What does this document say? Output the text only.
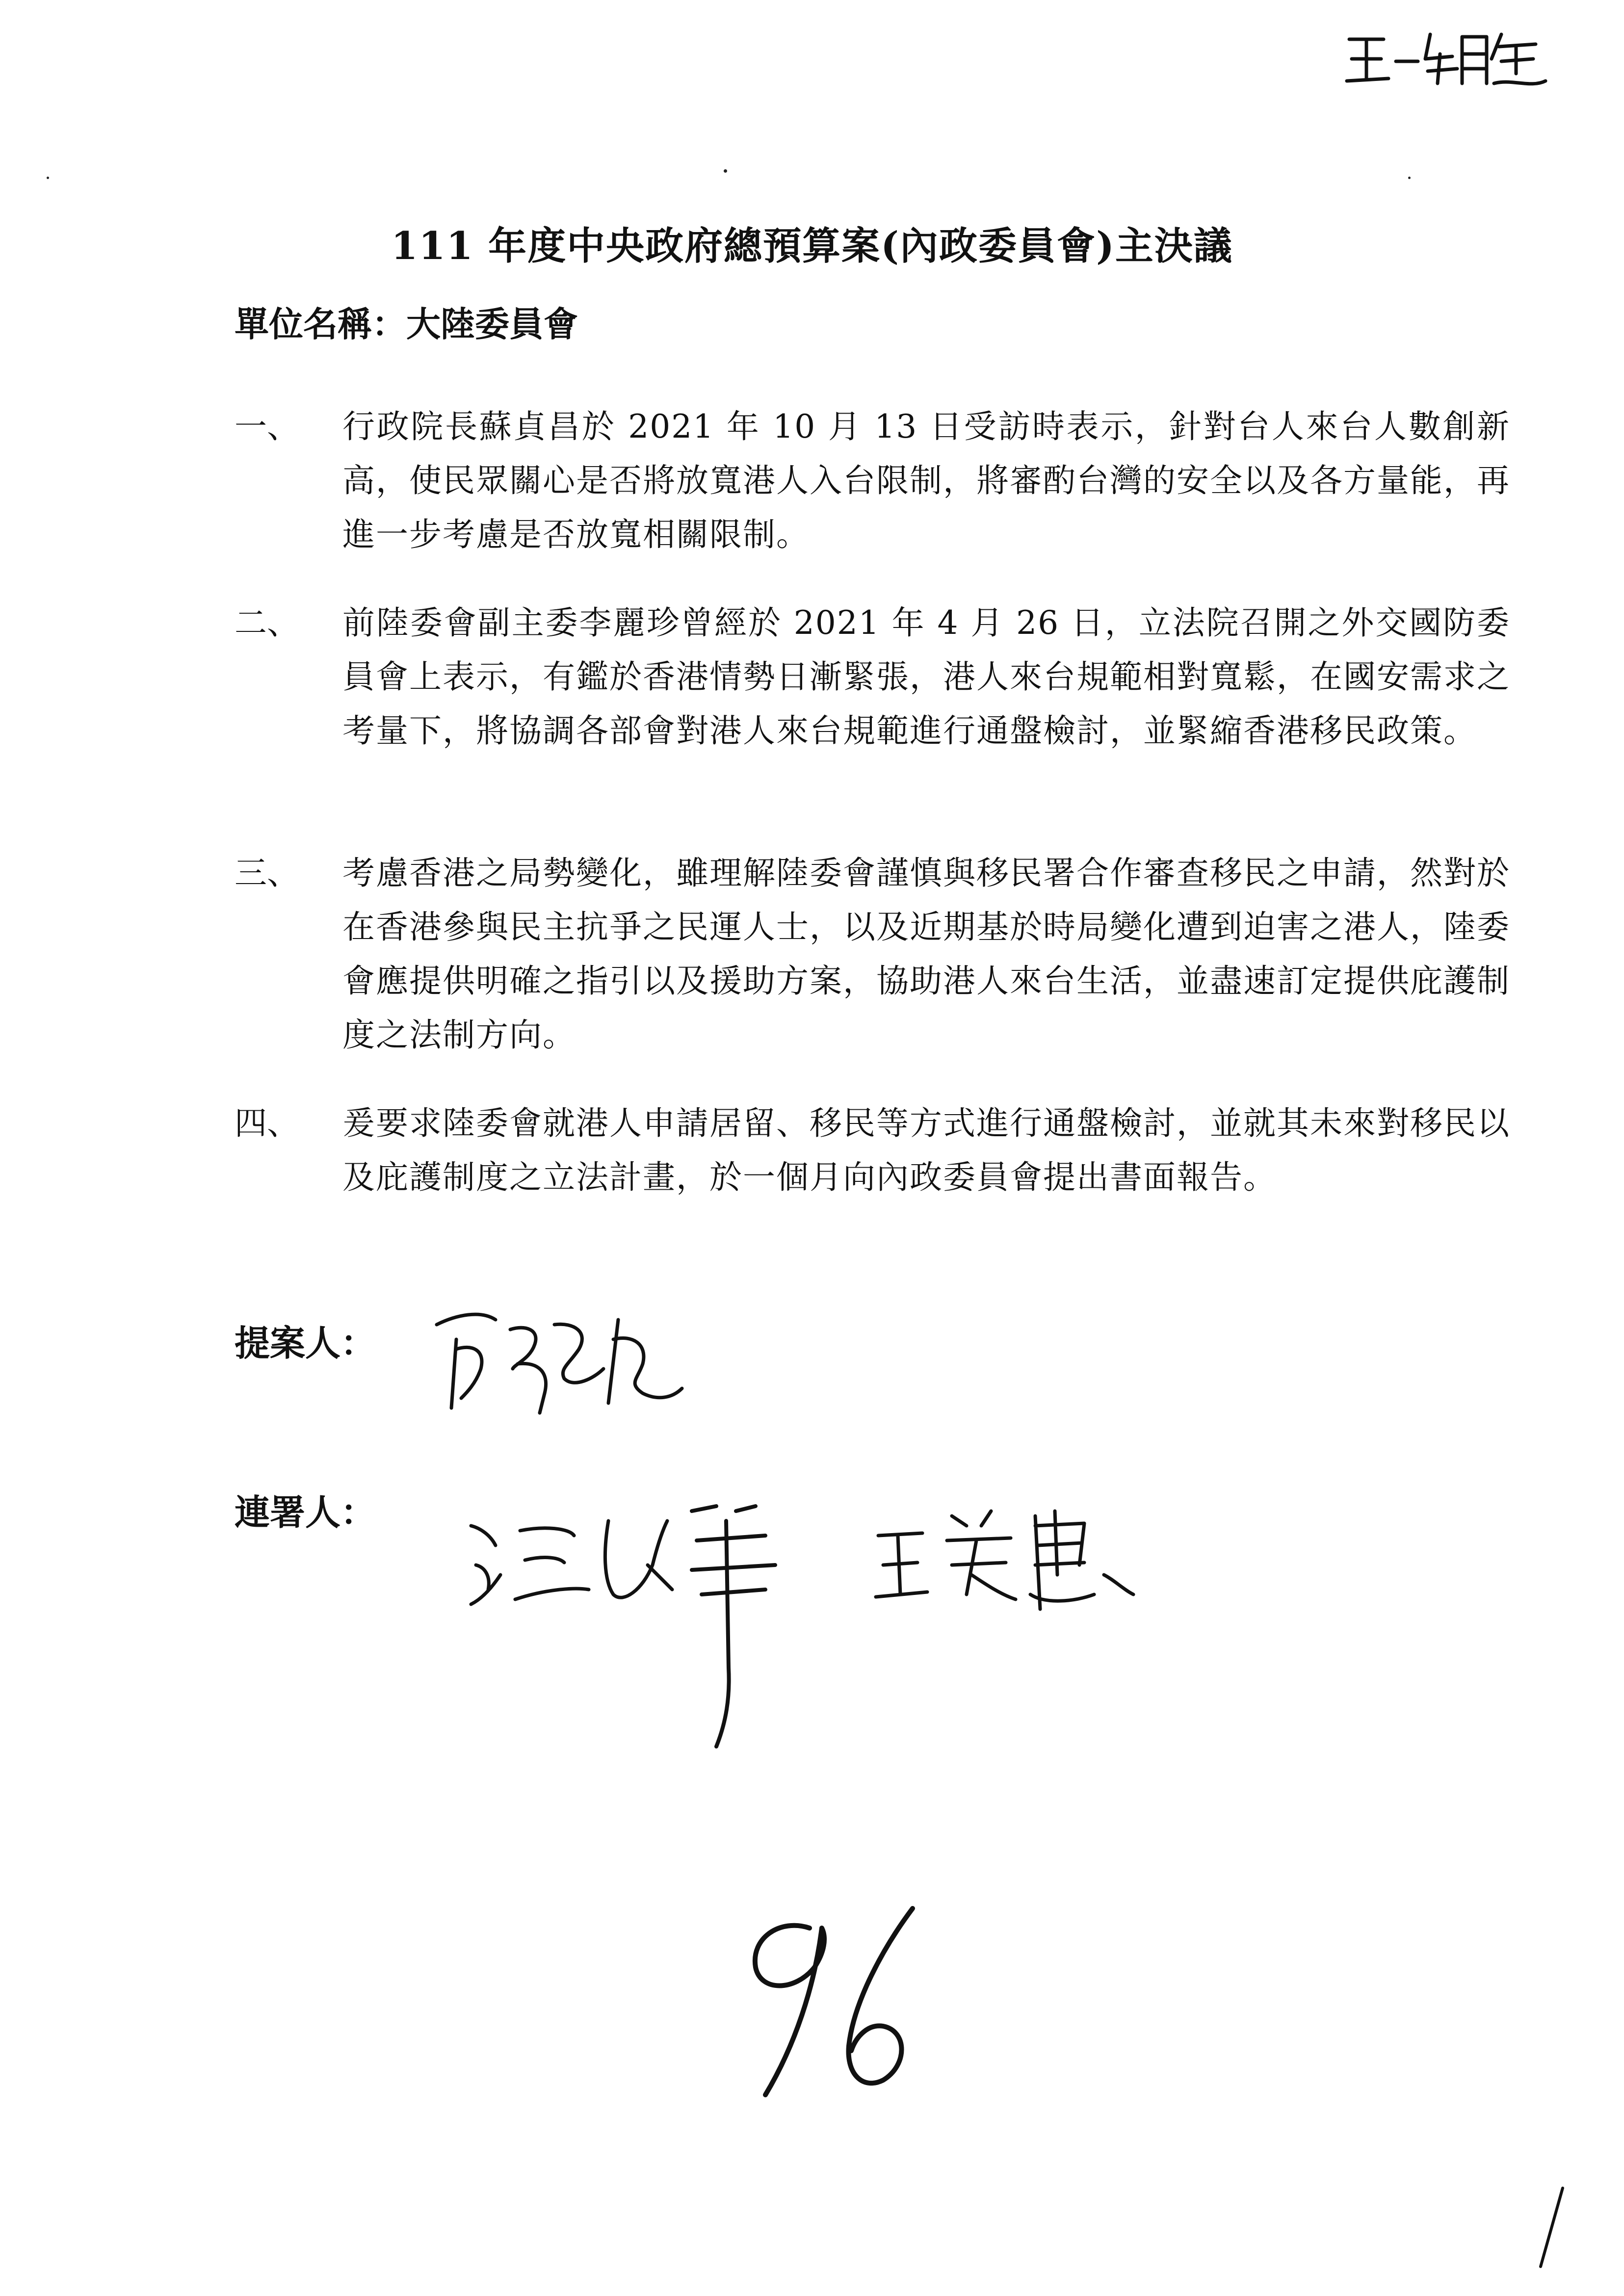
111 年度中央政府總預算案(內政委員會)主決議
單位名稱：大陸委員會
一、	行政院長蘇貞昌於 2021 年 10 月 13 日受訪時表示，針對台人來台人數創新高，使民眾關心是否將放寬港人入台限制，將審酌台灣的安全以及各方量能，再進一步考慮是否放寬相關限制。
二、	前陸委會副主委李麗珍曾經於 2021 年 4 月 26 日，立法院召開之外交國防委員會上表示，有鑑於香港情勢日漸緊張，港人來台規範相對寬鬆，在國安需求之考量下，將協調各部會對港人來台規範進行通盤檢討，並緊縮香港移民政策。
三、	考慮香港之局勢變化，雖理解陸委會謹慎與移民署合作審查移民之申請，然對於在香港參與民主抗爭之民運人士，以及近期基於時局變化遭到迫害之港人，陸委會應提供明確之指引以及援助方案，協助港人來台生活，並盡速訂定提供庇護制度之法制方向。
四、	爰要求陸委會就港人申請居留、移民等方式進行通盤檢討，並就其未來對移民以及庇護制度之立法計畫，於一個月向內政委員會提出書面報告。
提案人：
連署人：
